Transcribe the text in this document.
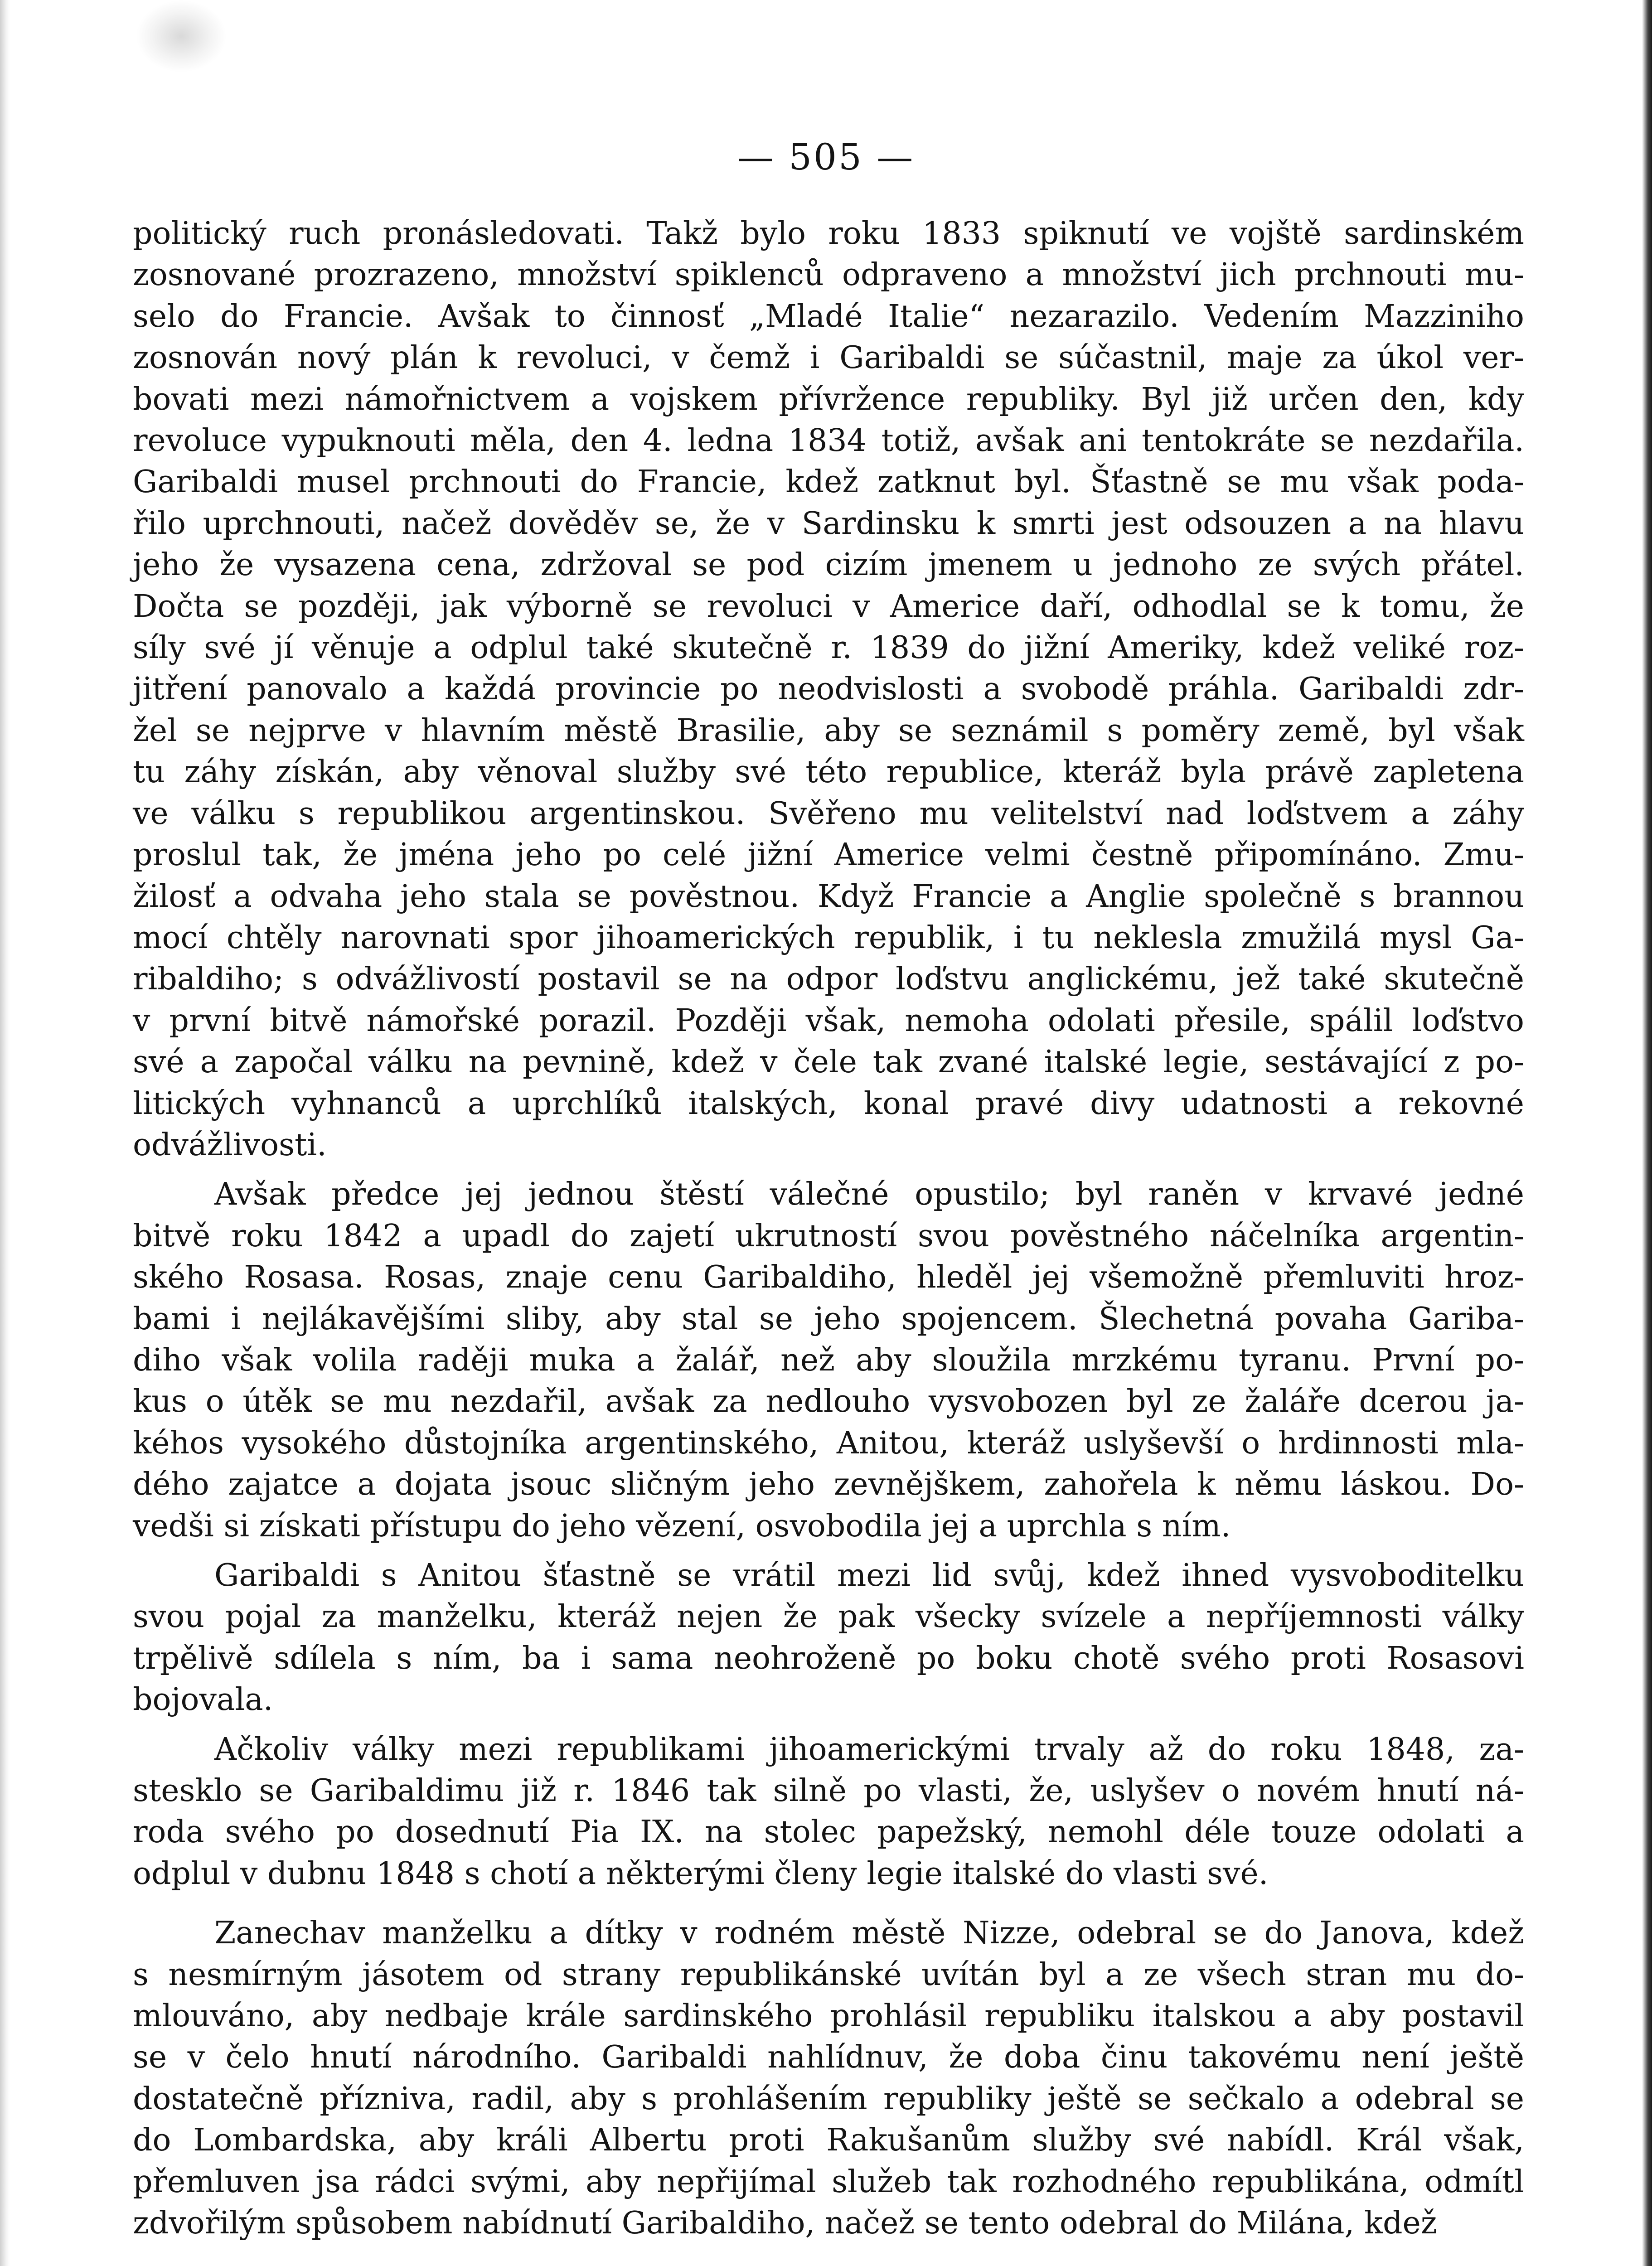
— 505 —

politický ruch pronásledovati. Takž bylo roku 1833 spiknutí ve vojště sardinském
zosnované prozrazeno, množství spiklenců odpraveno a množství jich prchnouti mu-
selo do Francie. Avšak to činnosť „Mladé Italie“ nezarazilo. Vedením Mazziniho
zosnován nový plán k revoluci, v čemž i Garibaldi se súčastnil, maje za úkol ver-
bovati mezi námořnictvem a vojskem přívržence republiky. Byl již určen den, kdy
revoluce vypuknouti měla, den 4. ledna 1834 totiž, avšak ani tentokráte se nezdařila.
Garibaldi musel prchnouti do Francie, kdež zatknut byl. Šťastně se mu však poda-
řilo uprchnouti, načež dověděv se, že v Sardinsku k smrti jest odsouzen a na hlavu
jeho že vysazena cena, zdržoval se pod cizím jmenem u jednoho ze svých přátel.
Dočta se později, jak výborně se revoluci v Americe daří, odhodlal se k tomu, že
síly své jí věnuje a odplul také skutečně r. 1839 do jižní Ameriky, kdež veliké roz-
jitření panovalo a každá provincie po neodvislosti a svobodě práhla. Garibaldi zdr-
žel se nejprve v hlavním městě Brasilie, aby se seznámil s poměry země, byl však
tu záhy získán, aby věnoval služby své této republice, kteráž byla právě zapletena
ve válku s republikou argentinskou. Svěřeno mu velitelství nad loďstvem a záhy
proslul tak, že jména jeho po celé jižní Americe velmi čestně připomínáno. Zmu-
žilosť a odvaha jeho stala se pověstnou. Když Francie a Anglie společně s brannou
mocí chtěly narovnati spor jihoamerických republik, i tu neklesla zmužilá mysl Ga-
ribaldiho; s odvážlivostí postavil se na odpor loďstvu anglickému, jež také skutečně
v první bitvě námořské porazil. Později však, nemoha odolati přesile, spálil loďstvo
své a započal válku na pevnině, kdež v čele tak zvané italské legie, sestávající z po-
litických vyhnanců a uprchlíků italských, konal pravé divy udatnosti a rekovné
odvážlivosti.

Avšak předce jej jednou štěstí válečné opustilo; byl raněn v krvavé jedné
bitvě roku 1842 a upadl do zajetí ukrutností svou pověstného náčelníka argentin-
ského Rosasa. Rosas, znaje cenu Garibaldiho, hleděl jej všemožně přemluviti hroz-
bami i nejlákavějšími sliby, aby stal se jeho spojencem. Šlechetná povaha Gariba-
diho však volila raději muka a žalář, než aby sloužila mrzkému tyranu. První po-
kus o útěk se mu nezdařil, avšak za nedlouho vysvobozen byl ze žaláře dcerou ja-
kéhos vysokého důstojníka argentinského, Anitou, kteráž uslyševší o hrdinnosti mla-
dého zajatce a dojata jsouc sličným jeho zevnějškem, zahořela k němu láskou. Do-
vedši si získati přístupu do jeho vězení, osvobodila jej a uprchla s ním.

Garibaldi s Anitou šťastně se vrátil mezi lid svůj, kdež ihned vysvoboditelku
svou pojal za manželku, kteráž nejen že pak všecky svízele a nepříjemnosti války
trpělivě sdílela s ním, ba i sama neohroženě po boku chotě svého proti Rosasovi
bojovala.

Ačkoliv války mezi republikami jihoamerickými trvaly až do roku 1848, za-
stesklo se Garibaldimu již r. 1846 tak silně po vlasti, že, uslyšev o novém hnutí ná-
roda svého po dosednutí Pia IX. na stolec papežský, nemohl déle touze odolati a
odplul v dubnu 1848 s chotí a některými členy legie italské do vlasti své.

Zanechav manželku a dítky v rodném městě Nizze, odebral se do Janova, kdež
s nesmírným jásotem od strany republikánské uvítán byl a ze všech stran mu do-
mlouváno, aby nedbaje krále sardinského prohlásil republiku italskou a aby postavil
se v čelo hnutí národního. Garibaldi nahlídnuv, že doba činu takovému není ještě
dostatečně přízniva, radil, aby s prohlášením republiky ještě se sečkalo a odebral se
do Lombardska, aby králi Albertu proti Rakušanům služby své nabídl. Král však,
přemluven jsa rádci svými, aby nepřijímal služeb tak rozhodného republikána, odmítl
zdvořilým spůsobem nabídnutí Garibaldiho, načež se tento odebral do Milána, kdež
